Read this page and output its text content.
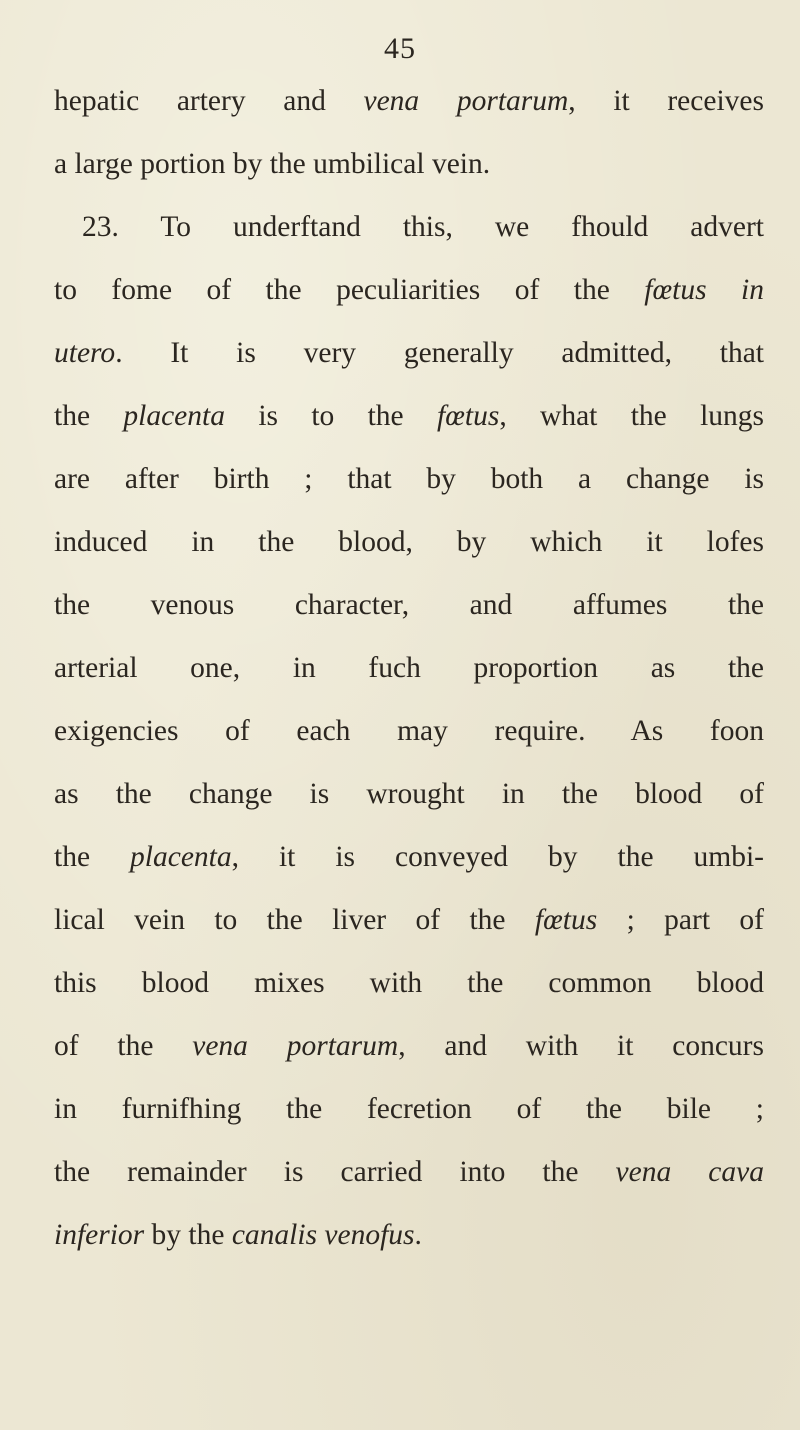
45
hepatic artery and vena portarum, it receives
a large portion by the umbilical vein.
23. To underftand this, we fhould advert
to fome of the peculiarities of the fœtus in
utero. It is very generally admitted, that
the placenta is to the fœtus, what the lungs
are after birth ; that by both a change is
induced in the blood, by which it lofes
the venous character, and affumes the
arterial one, in fuch proportion as the
exigencies of each may require. As foon
as the change is wrought in the blood of
the placenta, it is conveyed by the umbi-
lical vein to the liver of the fœtus ; part of
this blood mixes with the common blood
of the vena portarum, and with it concurs
in furnifhing the fecretion of the bile ;
the remainder is carried into the vena cava
inferior by the canalis venofus.
